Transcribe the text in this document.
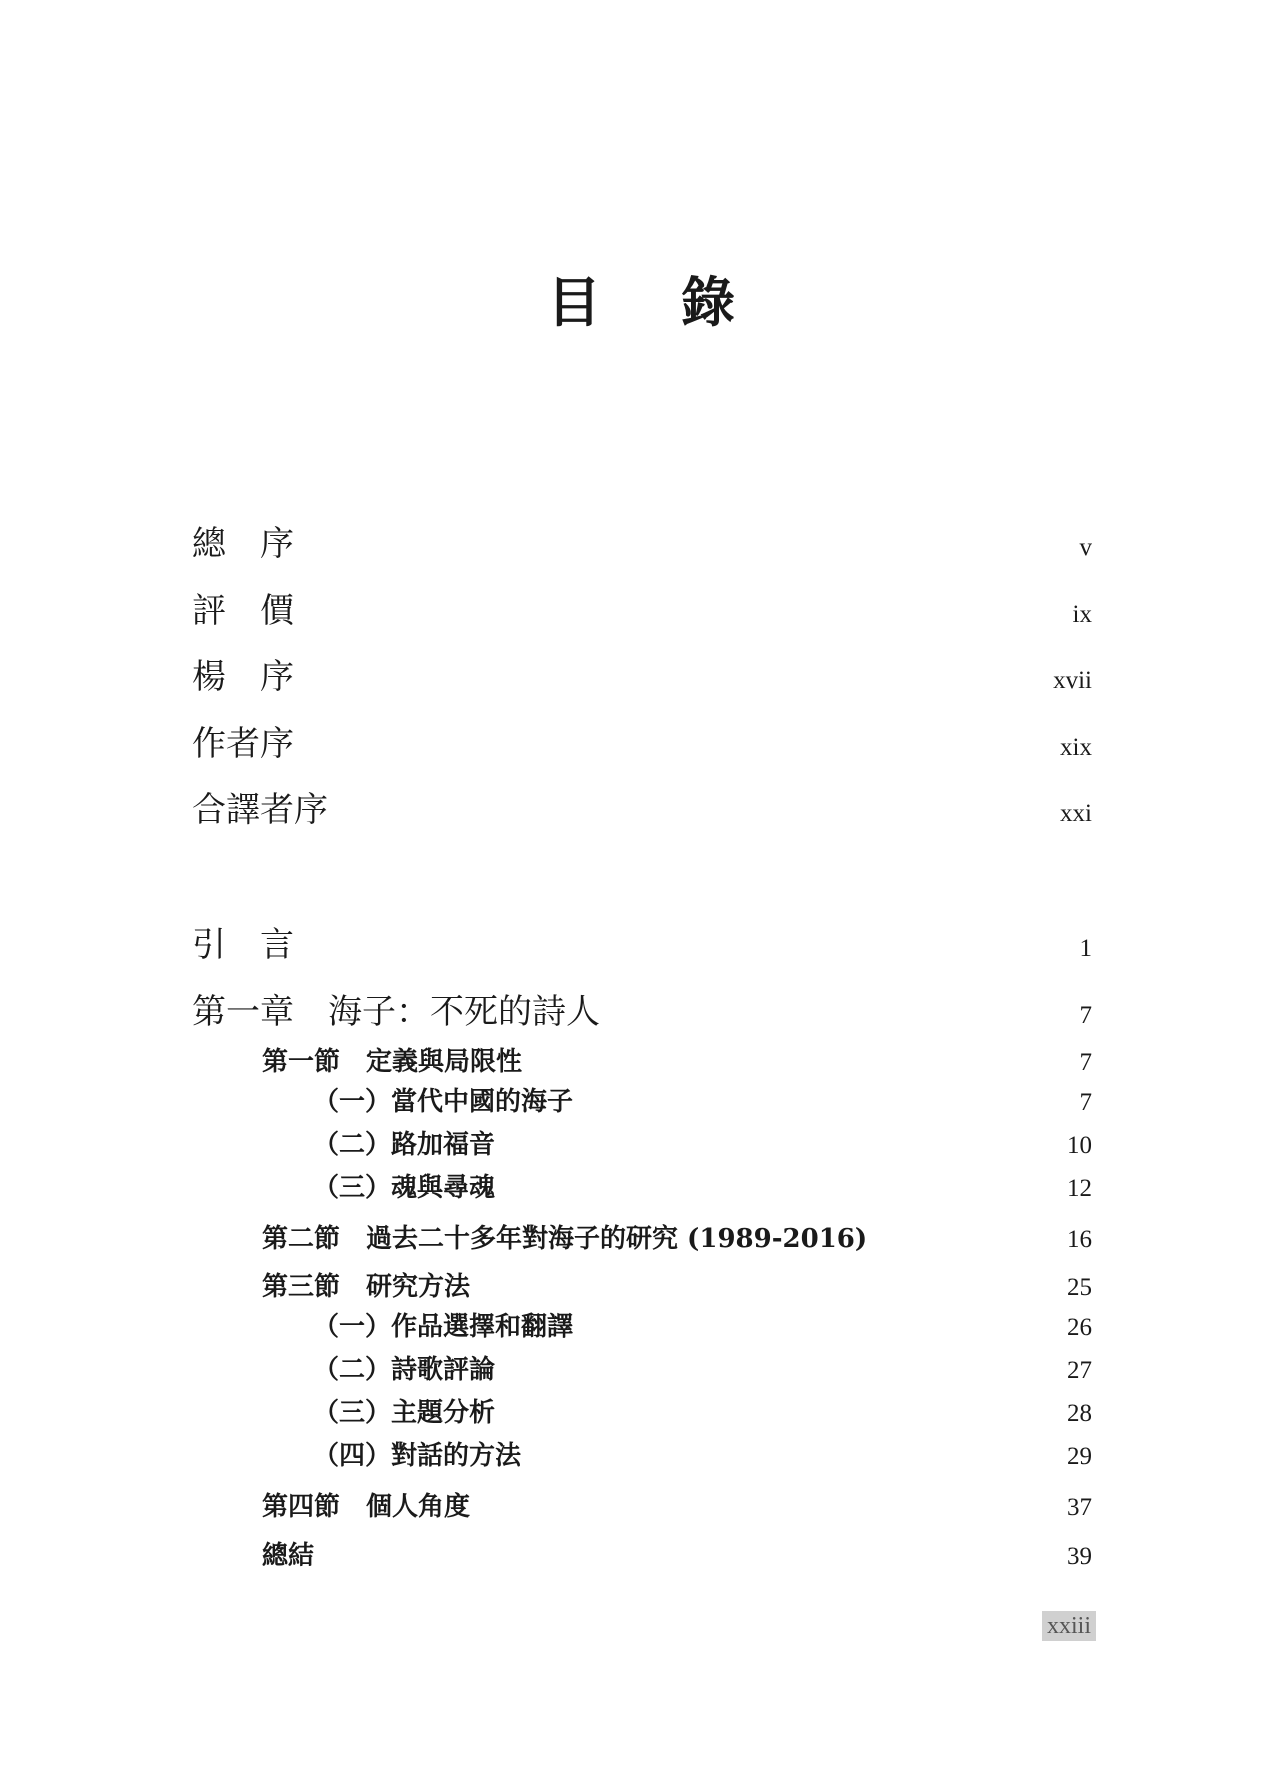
目 錄
總　序	v
評　價	ix
楊　序	xvii
作者序	xix
合譯者序	xxi
引　言	1
第一章　海子：不死的詩人	7
第一節　定義與局限性	7
（一）當代中國的海子	7
（二）路加福音	10
（三）魂與尋魂	12
第二節　過去二十多年對海子的研究 (1989-2016)	16
第三節　研究方法	25
（一）作品選擇和翻譯	26
（二）詩歌評論	27
（三）主題分析	28
（四）對話的方法	29
第四節　個人角度	37
總結	39
xxiii
